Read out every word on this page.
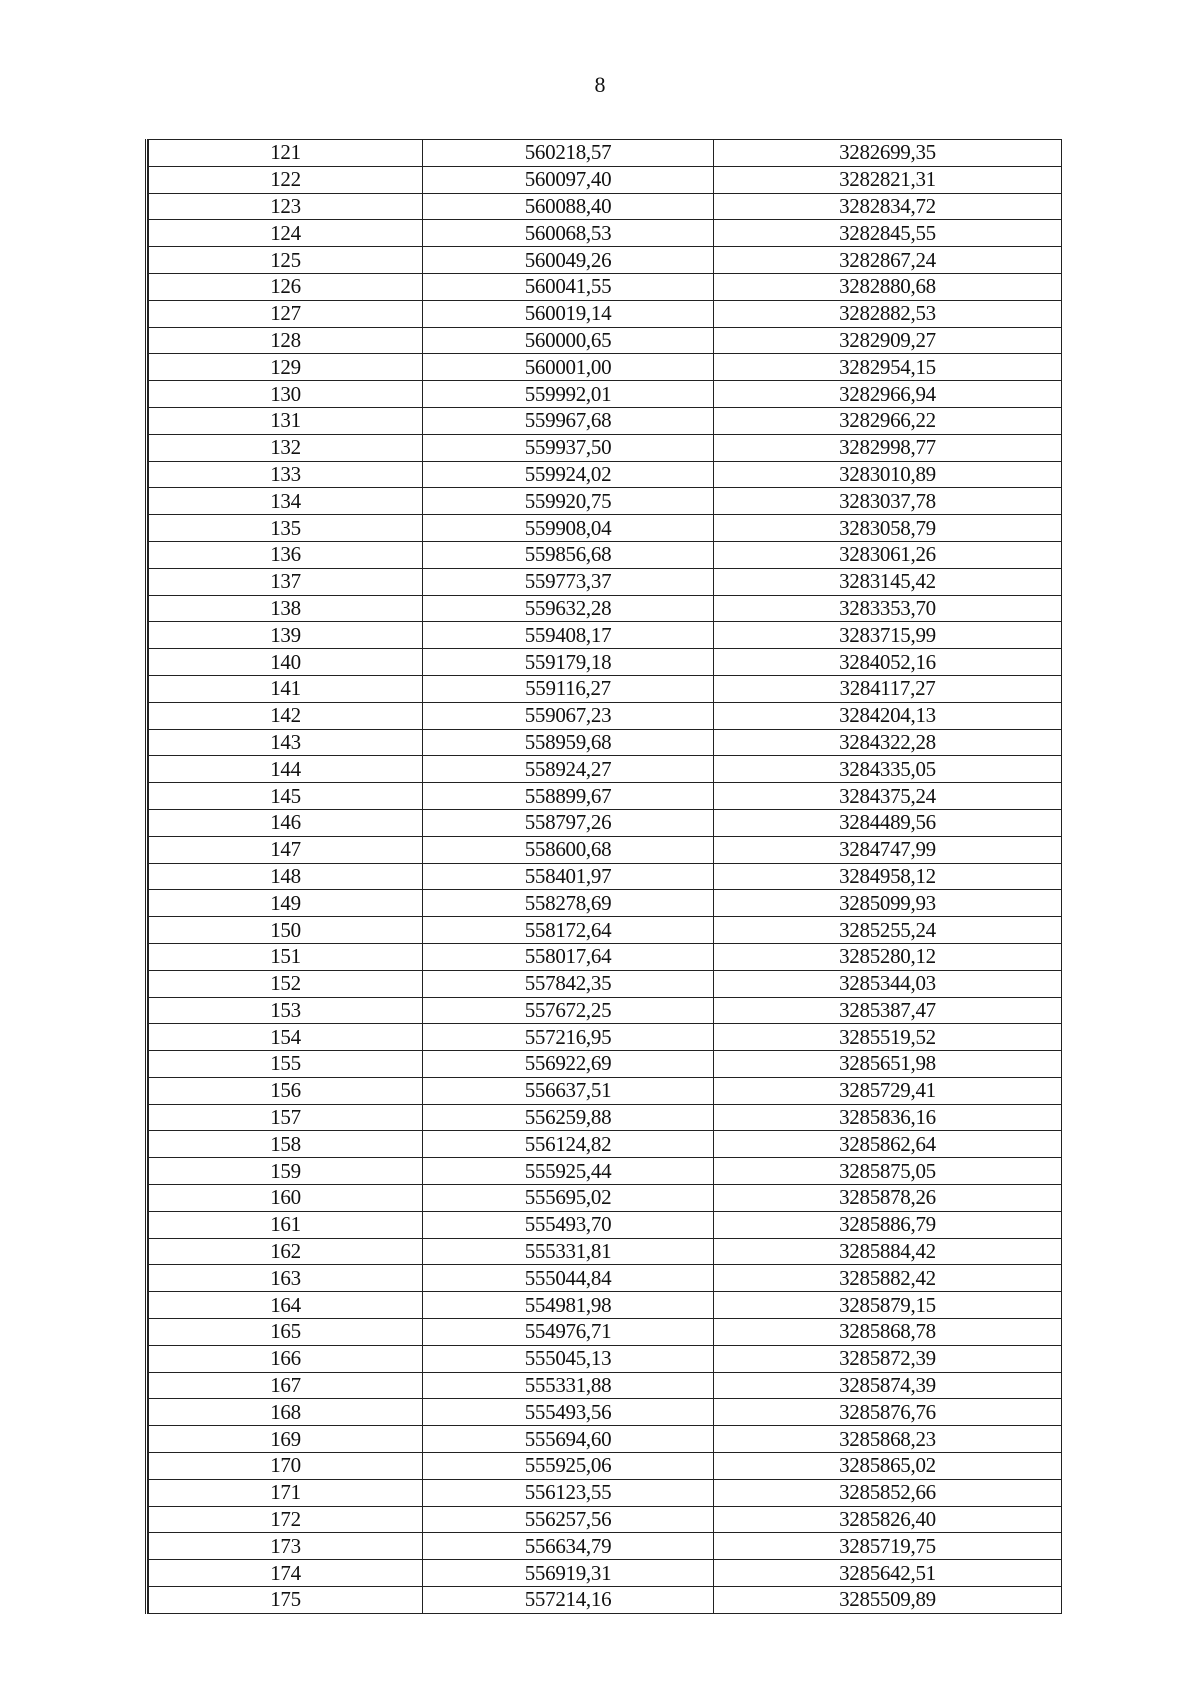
8
121	560218,57	3282699,35
122	560097,40	3282821,31
123	560088,40	3282834,72
124	560068,53	3282845,55
125	560049,26	3282867,24
126	560041,55	3282880,68
127	560019,14	3282882,53
128	560000,65	3282909,27
129	560001,00	3282954,15
130	559992,01	3282966,94
131	559967,68	3282966,22
132	559937,50	3282998,77
133	559924,02	3283010,89
134	559920,75	3283037,78
135	559908,04	3283058,79
136	559856,68	3283061,26
137	559773,37	3283145,42
138	559632,28	3283353,70
139	559408,17	3283715,99
140	559179,18	3284052,16
141	559116,27	3284117,27
142	559067,23	3284204,13
143	558959,68	3284322,28
144	558924,27	3284335,05
145	558899,67	3284375,24
146	558797,26	3284489,56
147	558600,68	3284747,99
148	558401,97	3284958,12
149	558278,69	3285099,93
150	558172,64	3285255,24
151	558017,64	3285280,12
152	557842,35	3285344,03
153	557672,25	3285387,47
154	557216,95	3285519,52
155	556922,69	3285651,98
156	556637,51	3285729,41
157	556259,88	3285836,16
158	556124,82	3285862,64
159	555925,44	3285875,05
160	555695,02	3285878,26
161	555493,70	3285886,79
162	555331,81	3285884,42
163	555044,84	3285882,42
164	554981,98	3285879,15
165	554976,71	3285868,78
166	555045,13	3285872,39
167	555331,88	3285874,39
168	555493,56	3285876,76
169	555694,60	3285868,23
170	555925,06	3285865,02
171	556123,55	3285852,66
172	556257,56	3285826,40
173	556634,79	3285719,75
174	556919,31	3285642,51
175	557214,16	3285509,89
